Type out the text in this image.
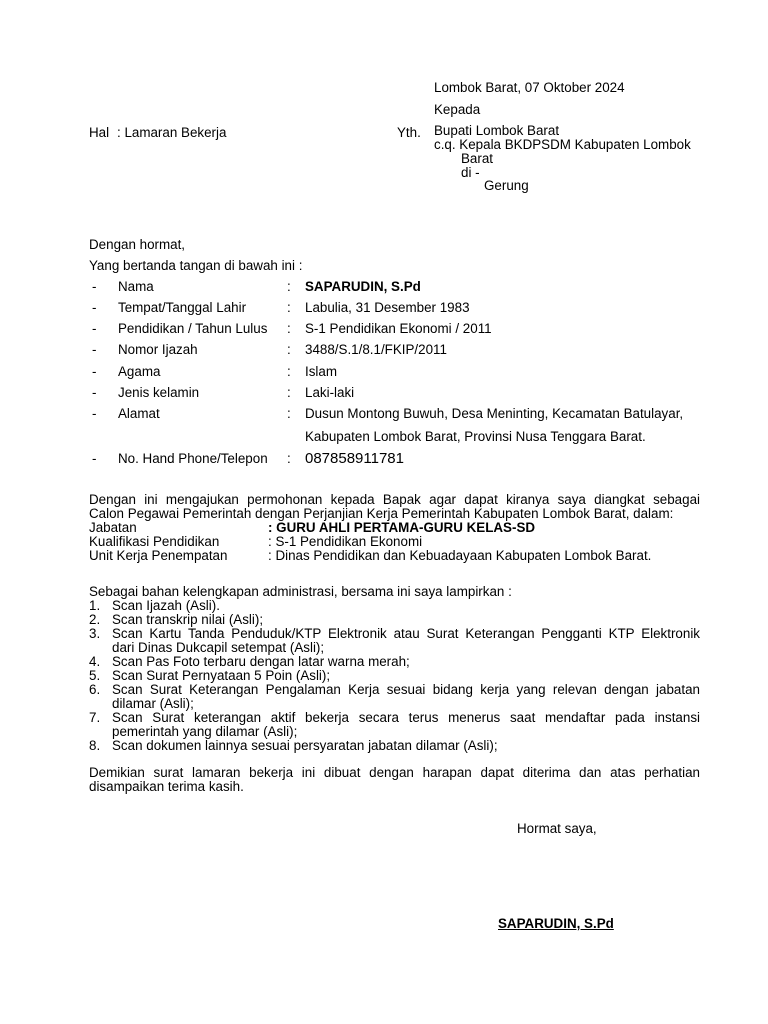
Lombok Barat, 07 Oktober 2024
Kepada
Hal : Lamaran Bekerja	Yth. Bupati Lombok Barat
c.q. Kepala BKDPSDM Kabupaten Lombok
Barat
di -
Gerung
Dengan hormat,
Yang bertanda tangan di bawah ini :
- Nama	: SAPARUDIN, S.Pd
- Tempat/Tanggal Lahir	: Labulia, 31 Desember 1983
- Pendidikan / Tahun Lulus : S-1 Pendidikan Ekonomi / 2011
- Nomor Ijazah	: 3488/S.1/8.1/FKIP/2011
- Agama	: Islam
- Jenis kelamin	: Laki-laki
- Alamat	: Dusun Montong Buwuh, Desa Meninting, Kecamatan Batulayar,
Kabupaten Lombok Barat, Provinsi Nusa Tenggara Barat.
- No. Hand Phone/Telepon : 087858911781
Dengan ini mengajukan permohonan kepada Bapak agar dapat kiranya saya diangkat sebagai
Calon Pegawai Pemerintah dengan Perjanjian Kerja Pemerintah Kabupaten Lombok Barat, dalam:
Jabatan	: GURU AHLI PERTAMA-GURU KELAS-SD
Kualifikasi Pendidikan	: S-1 Pendidikan Ekonomi
Unit Kerja Penempatan	: Dinas Pendidikan dan Kebuadayaan Kabupaten Lombok Barat.
Sebagai bahan kelengkapan administrasi, bersama ini saya lampirkan :
1. Scan Ijazah (Asli).
2. Scan transkrip nilai (Asli);
3. Scan Kartu Tanda Penduduk/KTP Elektronik atau Surat Keterangan Pengganti KTP Elektronik
dari Dinas Dukcapil setempat (Asli);
4. Scan Pas Foto terbaru dengan latar warna merah;
5. Scan Surat Pernyataan 5 Poin (Asli);
6. Scan Surat Keterangan Pengalaman Kerja sesuai bidang kerja yang relevan dengan jabatan
dilamar (Asli);
7. Scan Surat keterangan aktif bekerja secara terus menerus saat mendaftar pada instansi
pemerintah yang dilamar (Asli);
8. Scan dokumen lainnya sesuai persyaratan jabatan dilamar (Asli);
Demikian surat lamaran bekerja ini dibuat dengan harapan dapat diterima dan atas perhatian
disampaikan terima kasih.
Hormat saya,
SAPARUDIN, S.Pd
